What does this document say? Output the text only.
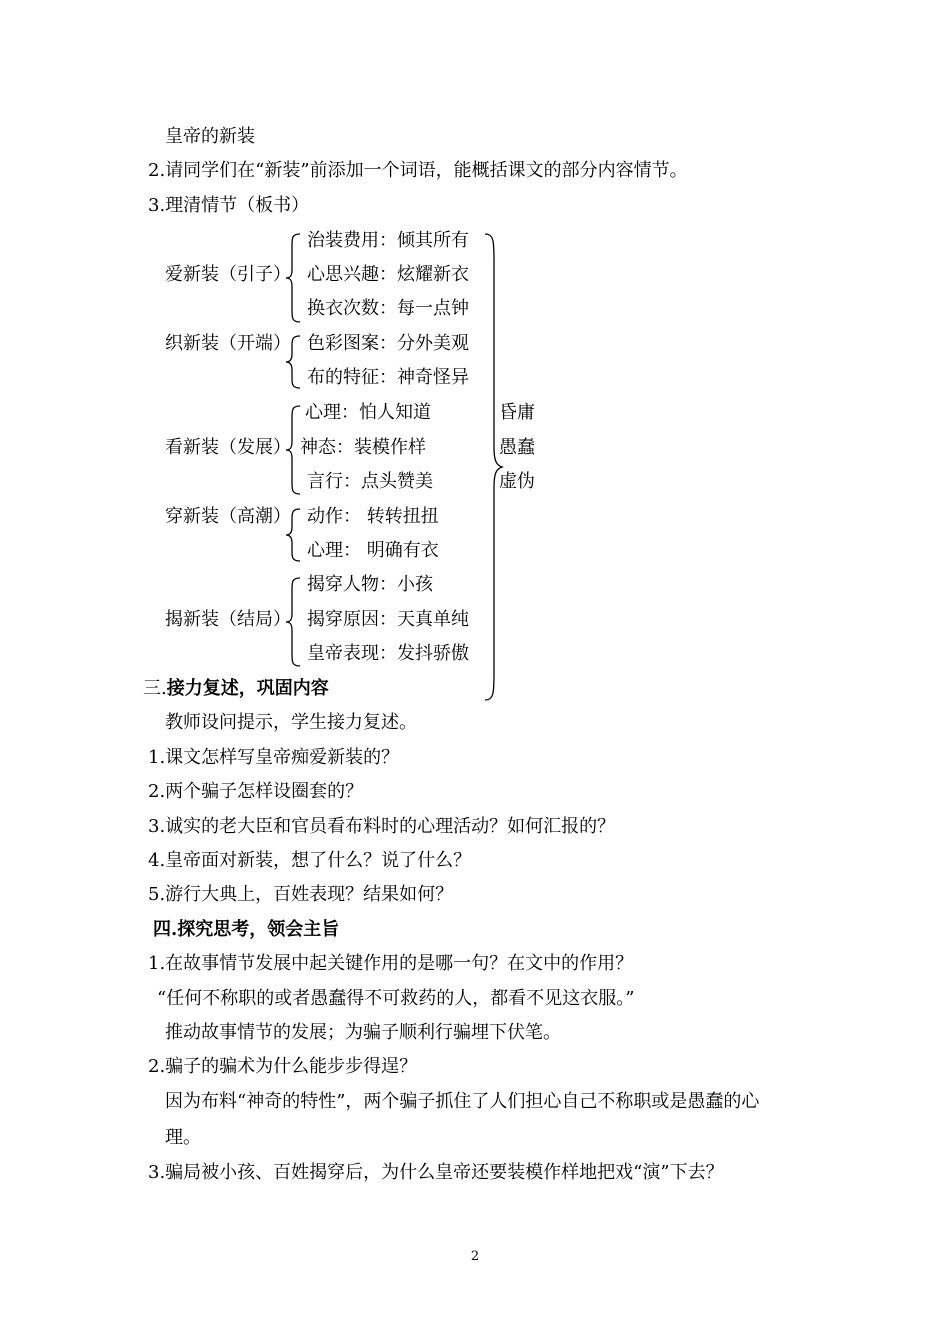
皇帝的新装
2.请同学们在“新装”前添加一个词语，能概括课文的部分内容情节。
3.理清情节（板书）
爱新装（引子）
治装费用：倾其所有
心思兴趣：炫耀新衣
换衣次数：每一点钟
织新装（开端） 色彩图案：分外美观
布的特征：神奇怪异
看新装（发展）
心理：怕人知道
神态：装模作样
言行：点头赞美
穿新装（高潮） 动作： 转转扭扭
心理： 明确有衣
揭新装（结局）
揭穿人物：小孩
揭穿原因：天真单纯
皇帝表现：发抖骄傲
昏庸
愚蠢
虚伪
三.接力复述，巩固内容
教师设问提示，学生接力复述。
1.课文怎样写皇帝痴爱新装的？
2.两个骗子怎样设圈套的？
3.诚实的老大臣和官员看布料时的心理活动？如何汇报的？
4.皇帝面对新装，想了什么？说了什么？
5.游行大典上，百姓表现？结果如何？
四.探究思考，领会主旨
1.在故事情节发展中起关键作用的是哪一句？在文中的作用？
“任何不称职的或者愚蠢得不可救药的人，都看不见这衣服。”
推动故事情节的发展；为骗子顺利行骗埋下伏笔。
2.骗子的骗术为什么能步步得逞？
因为布料“神奇的特性”，两个骗子抓住了人们担心自己不称职或是愚蠢的心
理。
3.骗局被小孩、百姓揭穿后，为什么皇帝还要装模作样地把戏“演”下去？
2
